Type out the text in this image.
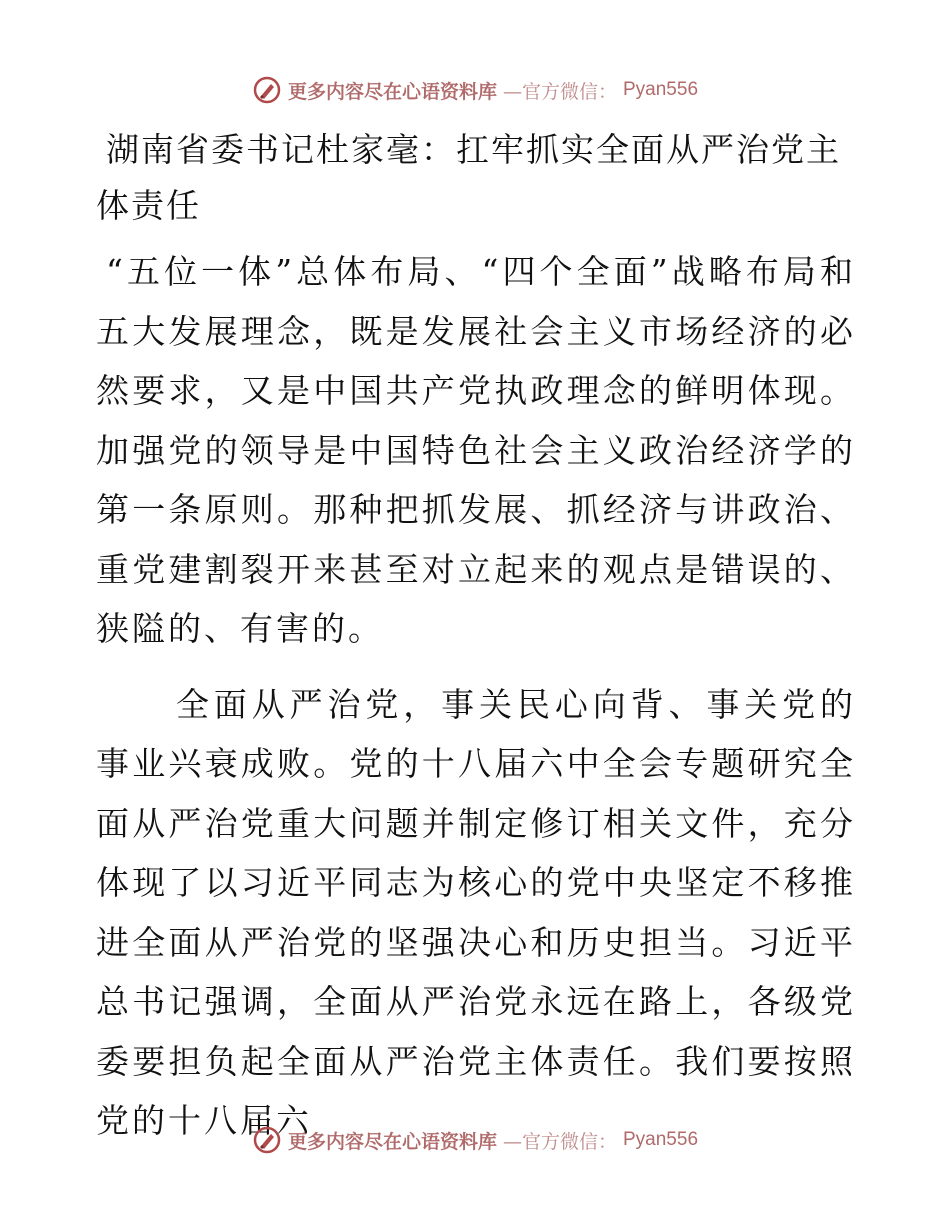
更多内容尽在心语资料库 —官方微信： Pyan556
湖南省委书记杜家毫：扛牢抓实全面从严治党主
体责任

“五位一体”总体布局、“四个全面”战略布局和五大发展理念，既是发展社会主义市场经济的必然要求，又是中国共产党执政理念的鲜明体现。加强党的领导是中国特色社会主义政治经济学的第一条原则。那种把抓发展、抓经济与讲政治、重党建割裂开来甚至对立起来的观点是错误的、狭隘的、有害的。

全面从严治党，事关民心向背、事关党的事业兴衰成败。党的十八届六中全会专题研究全面从严治党重大问题并制定修订相关文件，充分体现了以习近平同志为核心的党中央坚定不移推进全面从严治党的坚强决心和历史担当。习近平总书记强调，全面从严治党永远在路上，各级党委要担负起全面从严治党主体责任。我们要按照党的十八届六

更多内容尽在心语资料库 —官方微信： Pyan556
